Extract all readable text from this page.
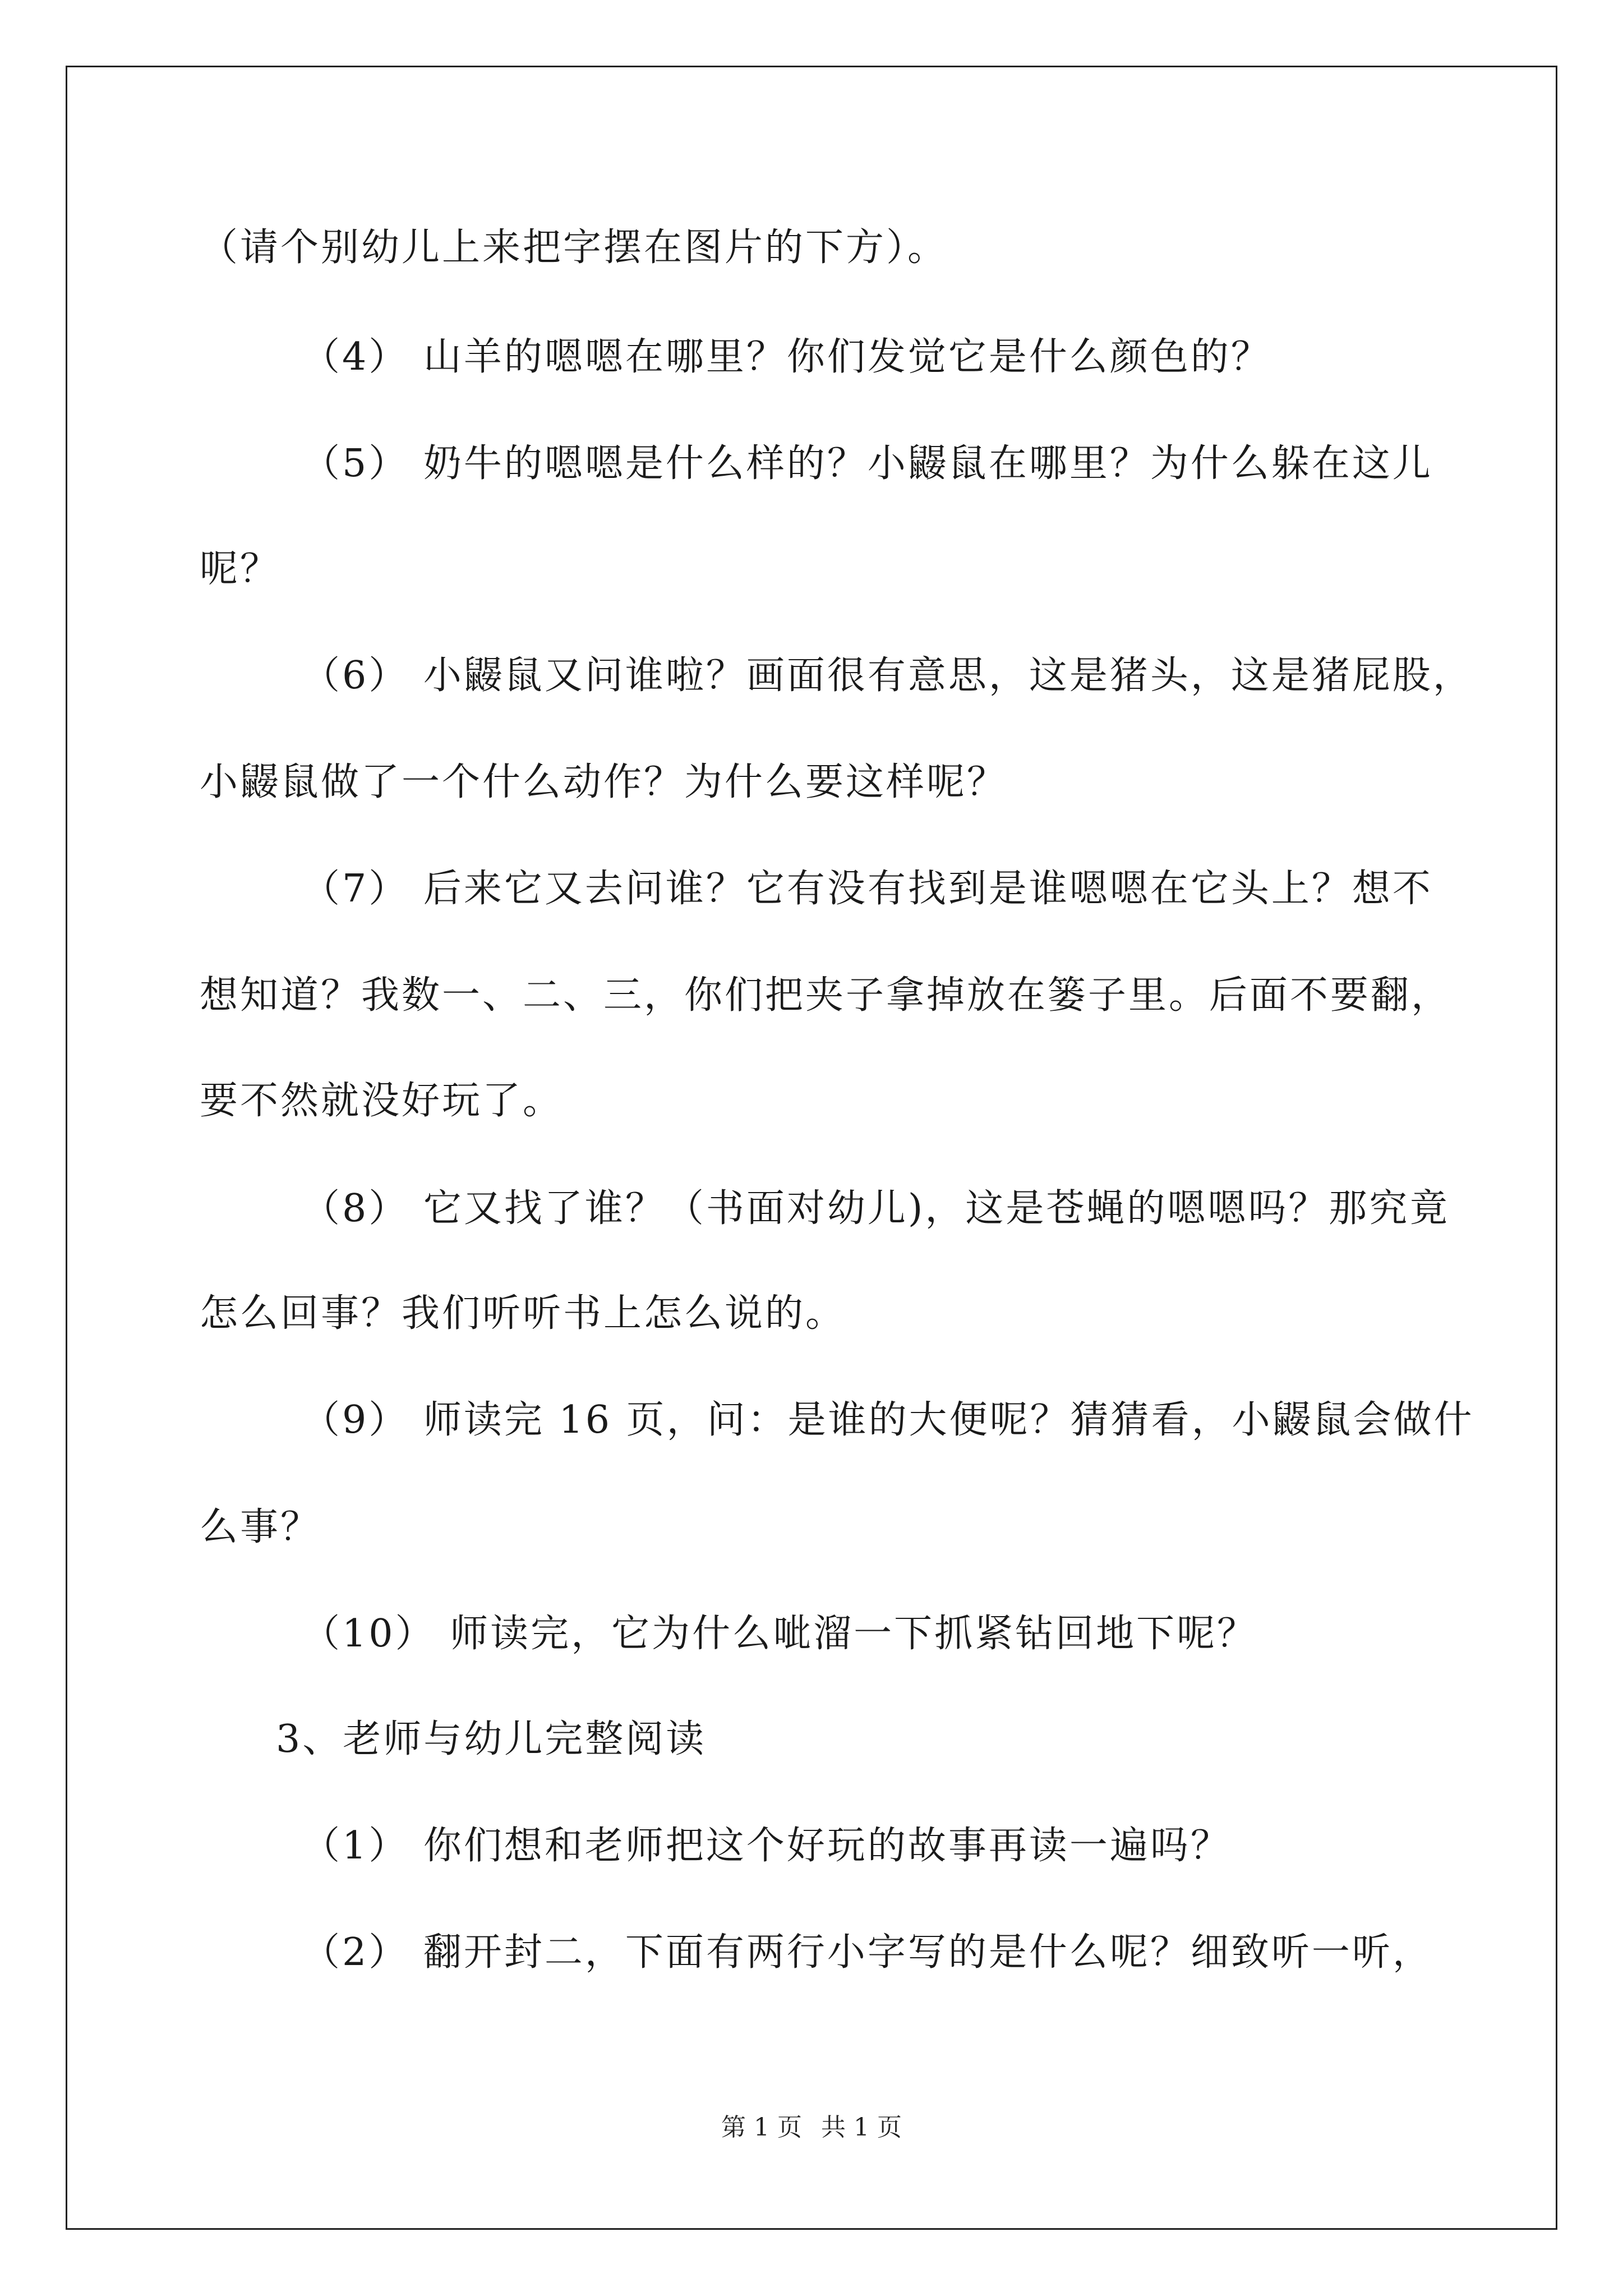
（请个别幼儿上来把字摆在图片的下方）。
（4） 山羊的嗯嗯在哪里？你们发觉它是什么颜色的？
（5） 奶牛的嗯嗯是什么样的？小鼹鼠在哪里？为什么躲在这儿
呢？
（6） 小鼹鼠又问谁啦？画面很有意思，这是猪头，这是猪屁股，
小鼹鼠做了一个什么动作？为什么要这样呢？
（7） 后来它又去问谁？它有没有找到是谁嗯嗯在它头上？想不
想知道？我数一、二、三，你们把夹子拿掉放在篓子里。后面不要翻，
要不然就没好玩了。
（8） 它又找了谁？（书面对幼儿)，这是苍蝇的嗯嗯吗？那究竟
怎么回事？我们听听书上怎么说的。
（9） 师读完 16 页，问：是谁的大便呢？猜猜看，小鼹鼠会做什
么事？
（10） 师读完，它为什么呲溜一下抓紧钻回地下呢？
3、老师与幼儿完整阅读
（1） 你们想和老师把这个好玩的故事再读一遍吗？
（2） 翻开封二，下面有两行小字写的是什么呢？细致听一听，
第 1 页 共 1 页
